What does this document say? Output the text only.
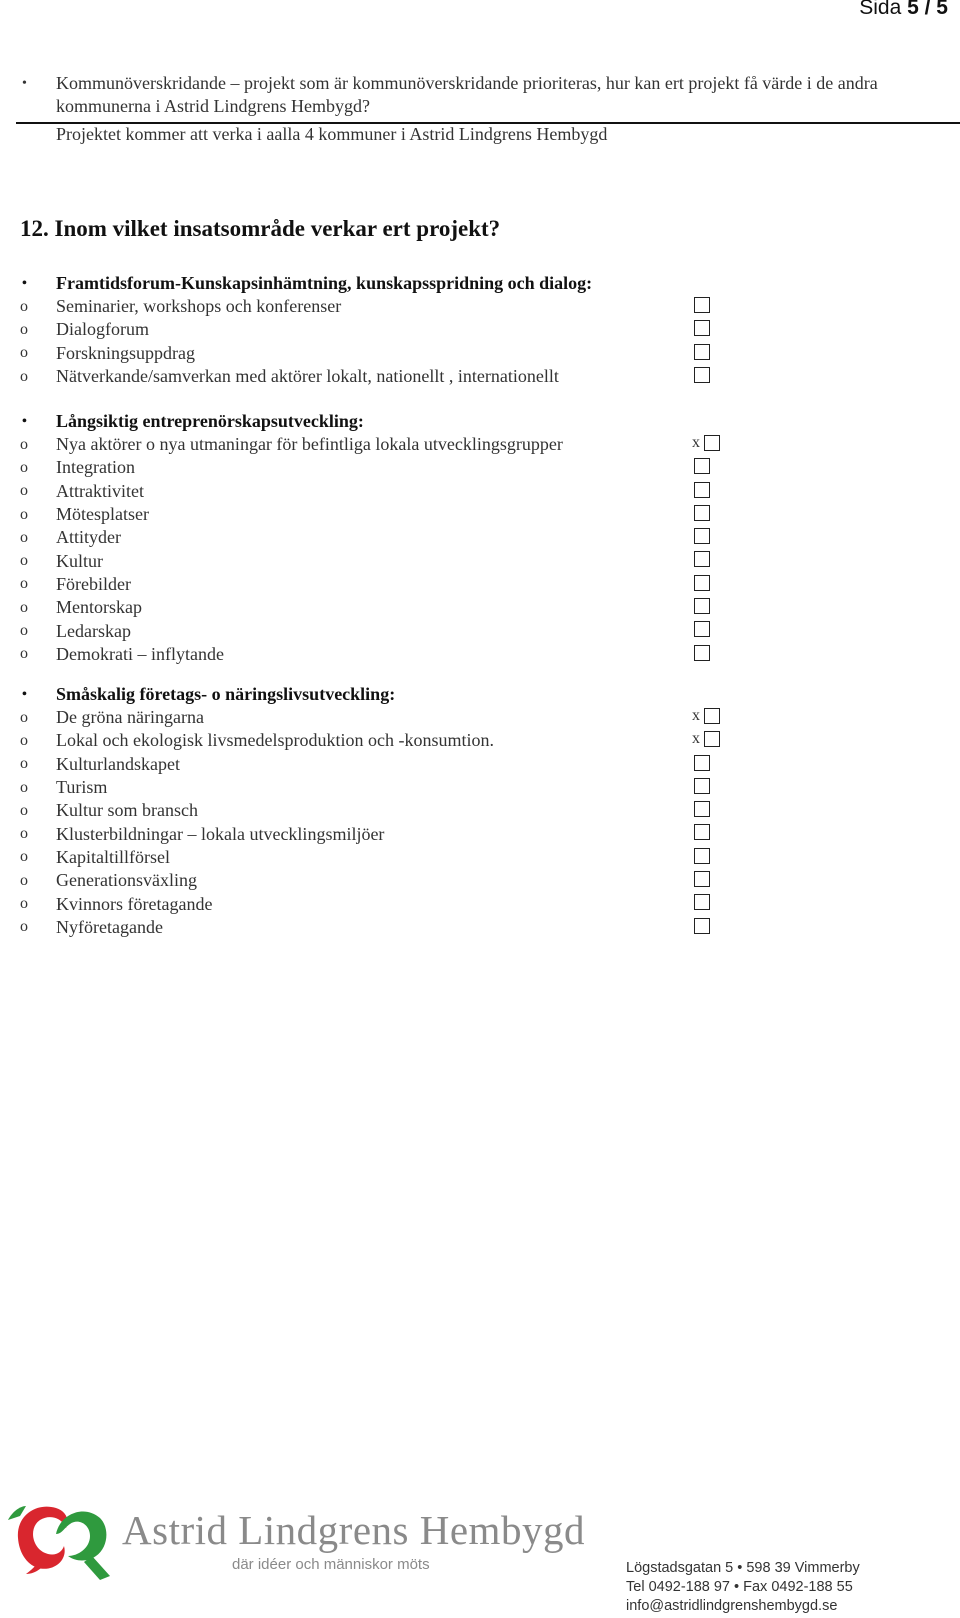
Sida 5 / 5
•	Kommunöverskridande – projekt som är kommunöverskridande prioriteras, hur kan ert projekt få värde i de andra kommunerna i Astrid Lindgrens Hembygd?
Projektet kommer att verka i aalla 4 kommuner i Astrid Lindgrens Hembygd
12. Inom vilket insatsområde verkar ert projekt?
•	Framtidsforum-Kunskapsinhämtning, kunskapsspridning och dialog:
o	Seminarier, workshops och konferenser
o	Dialogforum
o	Forskningsuppdrag
o	Nätverkande/samverkan med aktörer lokalt, nationellt , internationellt
•	Långsiktig entreprenörskapsutveckling:
o	Nya aktörer o nya utmaningar för befintliga lokala utvecklingsgrupper	x
o	Integration
o	Attraktivitet
o	Mötesplatser
o	Attityder
o	Kultur
o	Förebilder
o	Mentorskap
o	Ledarskap
o	Demokrati – inflytande
•	Småskalig företags- o näringslivsutveckling:
o	De gröna näringarna	x
o	Lokal och ekologisk livsmedelsproduktion och -konsumtion.	x
o	Kulturlandskapet
o	Turism
o	Kultur som bransch
o	Klusterbildningar – lokala utvecklingsmiljöer
o	Kapitaltillförsel
o	Generationsväxling
o	Kvinnors företagande
o	Nyföretagande
Astrid Lindgrens Hembygd
där idéer och människor möts	Lögstadsgatan 5 • 598 39 Vimmerby
Tel 0492-188 97 • Fax 0492-188 55
info@astridlindgrenshembygd.se
